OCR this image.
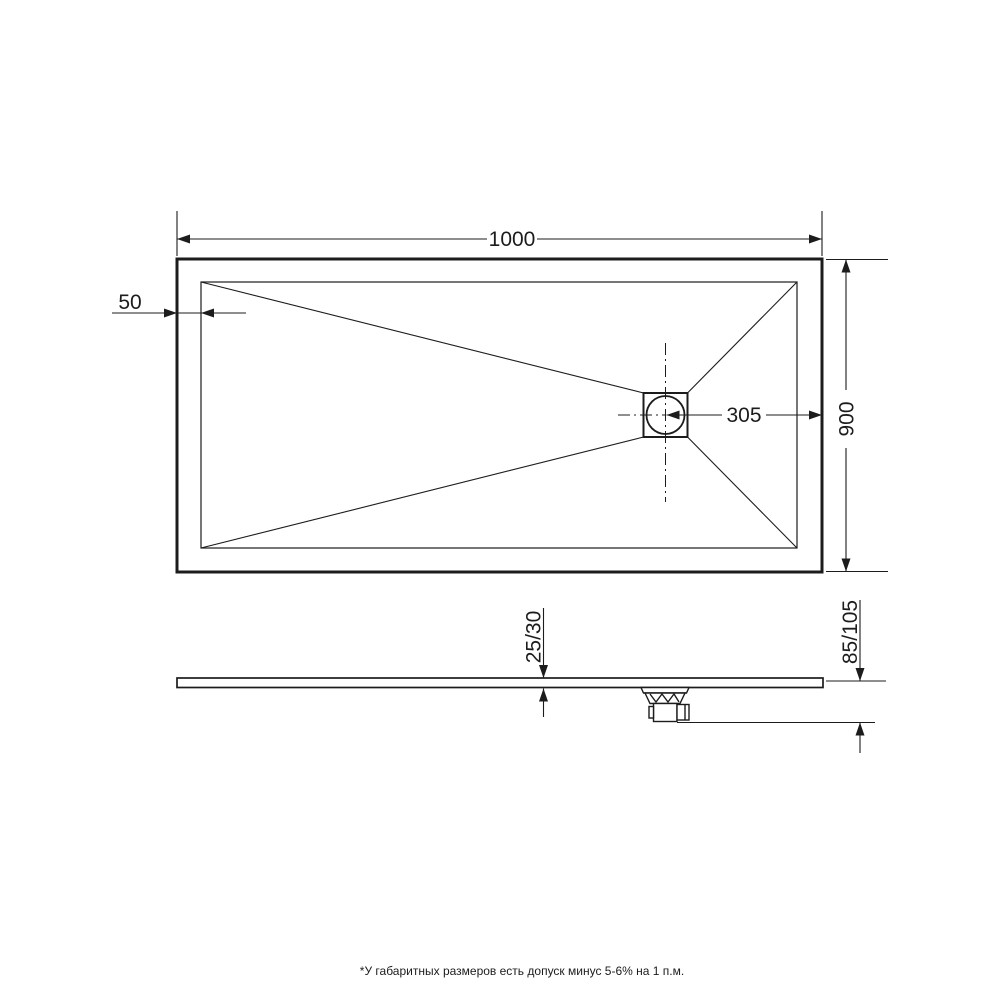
1000
50
305	900
25/30	85/105
*У габаритных размеров есть допуск минус 5-6% на 1 п.м.
